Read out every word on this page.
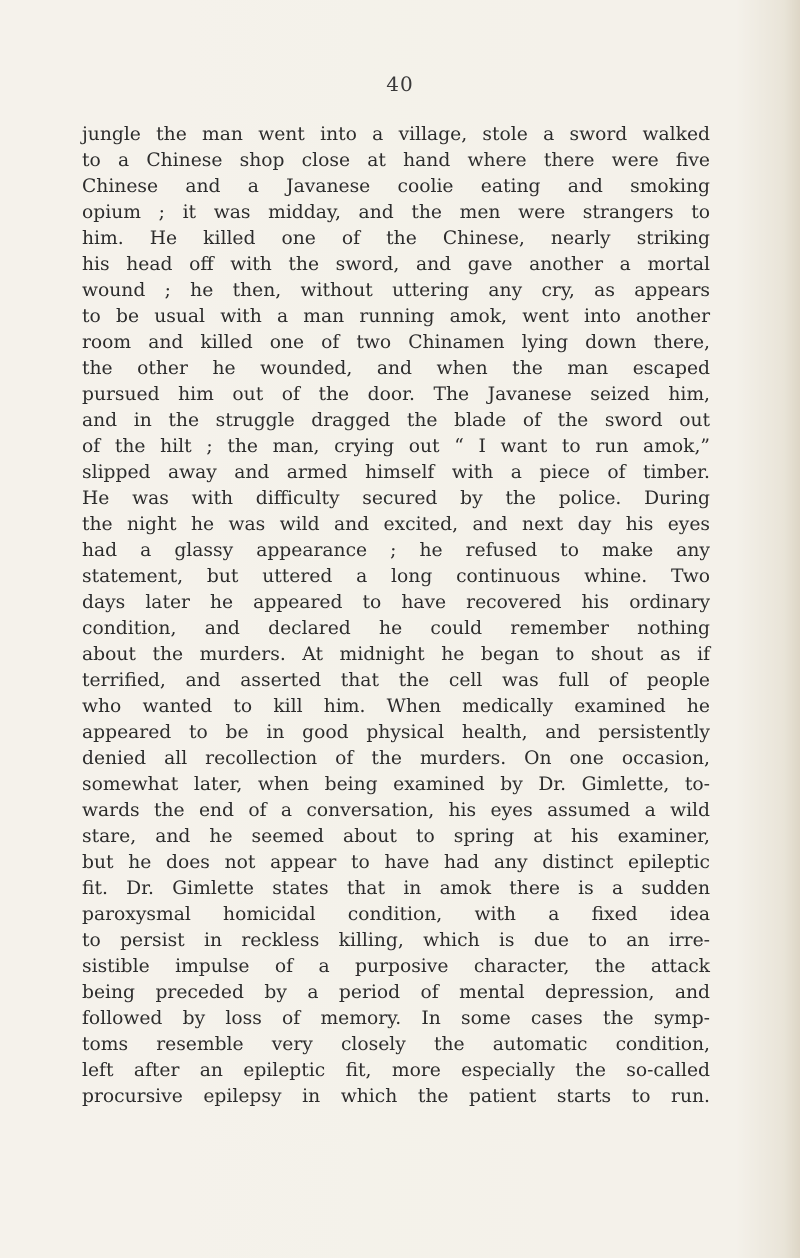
40
jungle the man went into a village, stole a sword walked
to a Chinese shop close at hand where there were five
Chinese and a Javanese coolie eating and smoking
opium ; it was midday, and the men were strangers to
him. He killed one of the Chinese, nearly striking
his head off with the sword, and gave another a mortal
wound ; he then, without uttering any cry, as appears
to be usual with a man running amok, went into another
room and killed one of two Chinamen lying down there,
the other he wounded, and when the man escaped
pursued him out of the door. The Javanese seized him,
and in the struggle dragged the blade of the sword out
of the hilt ; the man, crying out “ I want to run amok,”
slipped away and armed himself with a piece of timber.
He was with difficulty secured by the police. During
the night he was wild and excited, and next day his eyes
had a glassy appearance ; he refused to make any
statement, but uttered a long continuous whine. Two
days later he appeared to have recovered his ordinary
condition, and declared he could remember nothing
about the murders. At midnight he began to shout as if
terrified, and asserted that the cell was full of people
who wanted to kill him. When medically examined he
appeared to be in good physical health, and persistently
denied all recollection of the murders. On one occasion,
somewhat later, when being examined by Dr. Gimlette, to-
wards the end of a conversation, his eyes assumed a wild
stare, and he seemed about to spring at his examiner,
but he does not appear to have had any distinct epileptic
fit. Dr. Gimlette states that in amok there is a sudden
paroxysmal homicidal condition, with a fixed idea
to persist in reckless killing, which is due to an irre-
sistible impulse of a purposive character, the attack
being preceded by a period of mental depression, and
followed by loss of memory. In some cases the symp-
toms resemble very closely the automatic condition,
left after an epileptic fit, more especially the so-called
procursive epilepsy in which the patient starts to run.
